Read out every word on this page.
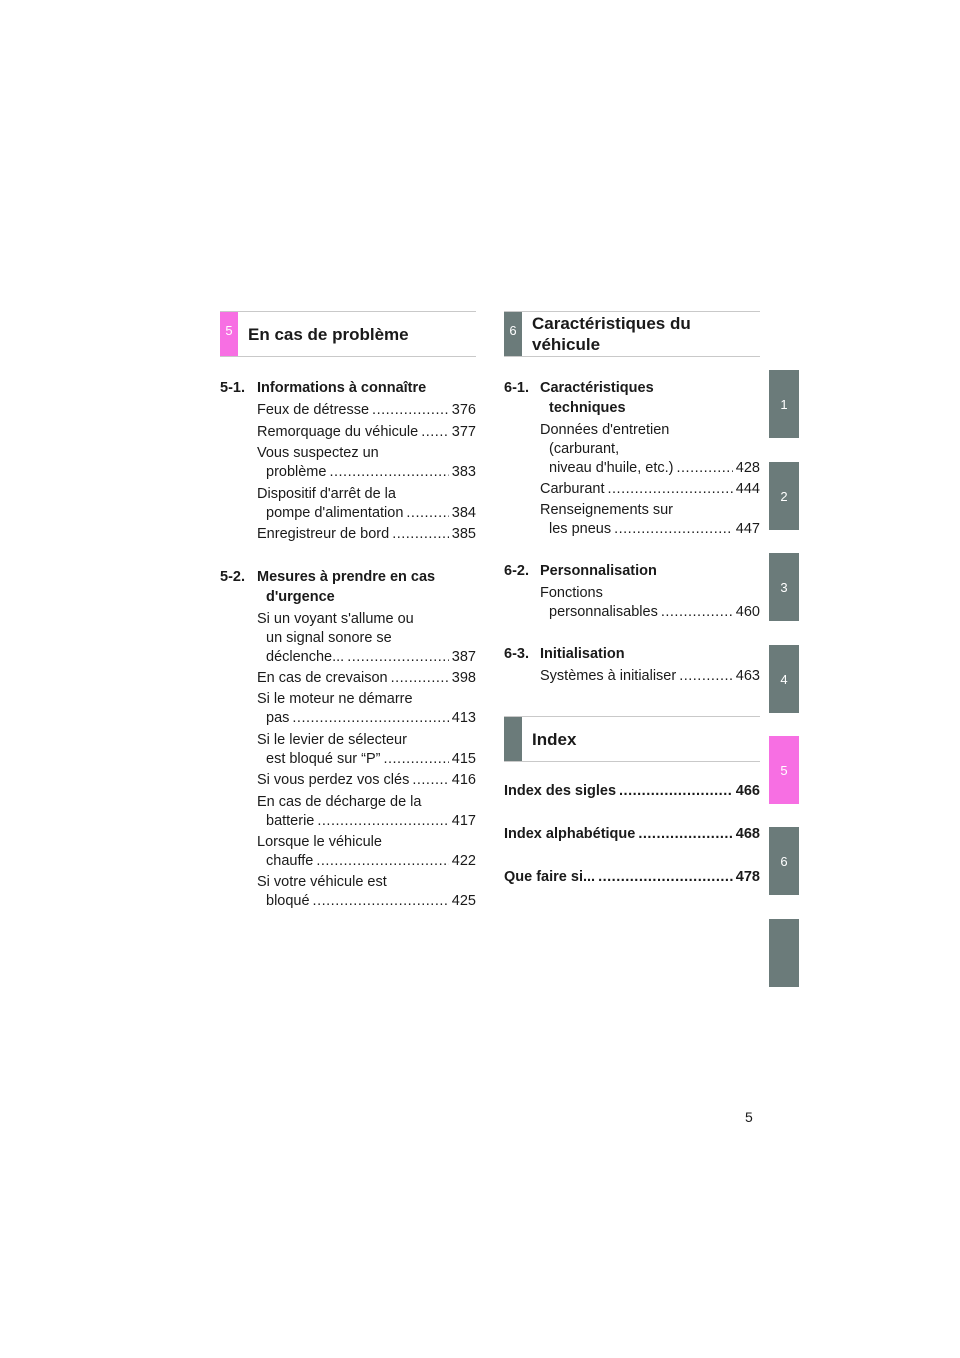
5 En cas de problème
5-1. Informations à connaître
Feux de détresse .....	376
Remorquage du véhicule ..... 377
Vous suspectez un
problème .....	383
Dispositif d'arrêt de la
pompe d'alimentation .....	384
Enregistreur de bord .....	385
5-2. Mesures à prendre en cas
d'urgence
Si un voyant s'allume ou
un signal sonore se
déclenche... .....	387
En cas de crevaison .....	398
Si le moteur ne démarre
pas .....	413
Si le levier de sélecteur
est bloqué sur “P” .....	415
Si vous perdez vos clés .....	416
En cas de décharge de la
batterie .....	417
Lorsque le véhicule
chauffe .....	422
Si votre véhicule est
bloqué .....	425
6 Caractéristiques du véhicule
6-1. Caractéristiques
techniques
Données d'entretien
(carburant,
niveau d'huile, etc.) .....	428
Carburant .....	444
Renseignements sur
les pneus .....	447
6-2. Personnalisation
Fonctions
personnalisables .....	460
6-3. Initialisation
Systèmes à initialiser .....	463
Index
Index des sigles .....	466
Index alphabétique .....	468
Que faire si... .....	478
1
2
3
4
5
6
5
